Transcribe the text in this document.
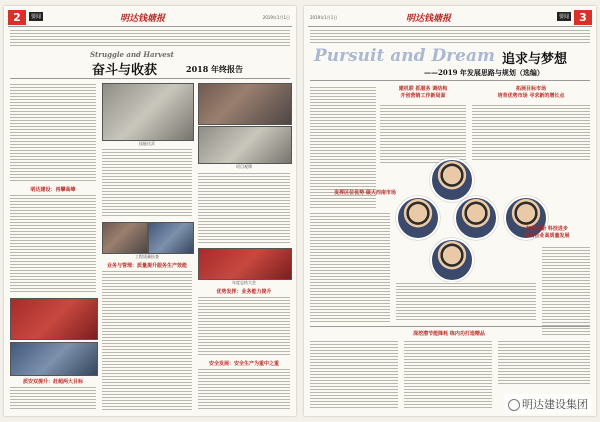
2	要闻	明达钱塘报	2019年1月1日
Struggle and Harvest
奋斗与收获	2018 年终报告
明达建设：再攀高峰
质安双提升：赶超两大目标
技能比武
工程质量检查
业务与管理：质量提升服务生产效能
项目观摩
年度总结大会
优势发挥：业务能力提升
安全发展：安全生产为重中之重
2019年1月1日	明达钱塘报	要闻 3
Pursuit and Dream 追求与梦想
——2019 年发展思路与规划（选编）
建机联 抓服务 调结构
开创营销工作新局面
拓展目标市场
培育优势市场 寻求新的增长点
发挥区位优势 做大西南市场
加快创新 科技进步
推动企业高质量发展
深挖潜节能降耗 练内功打造精品
明达建设集团
